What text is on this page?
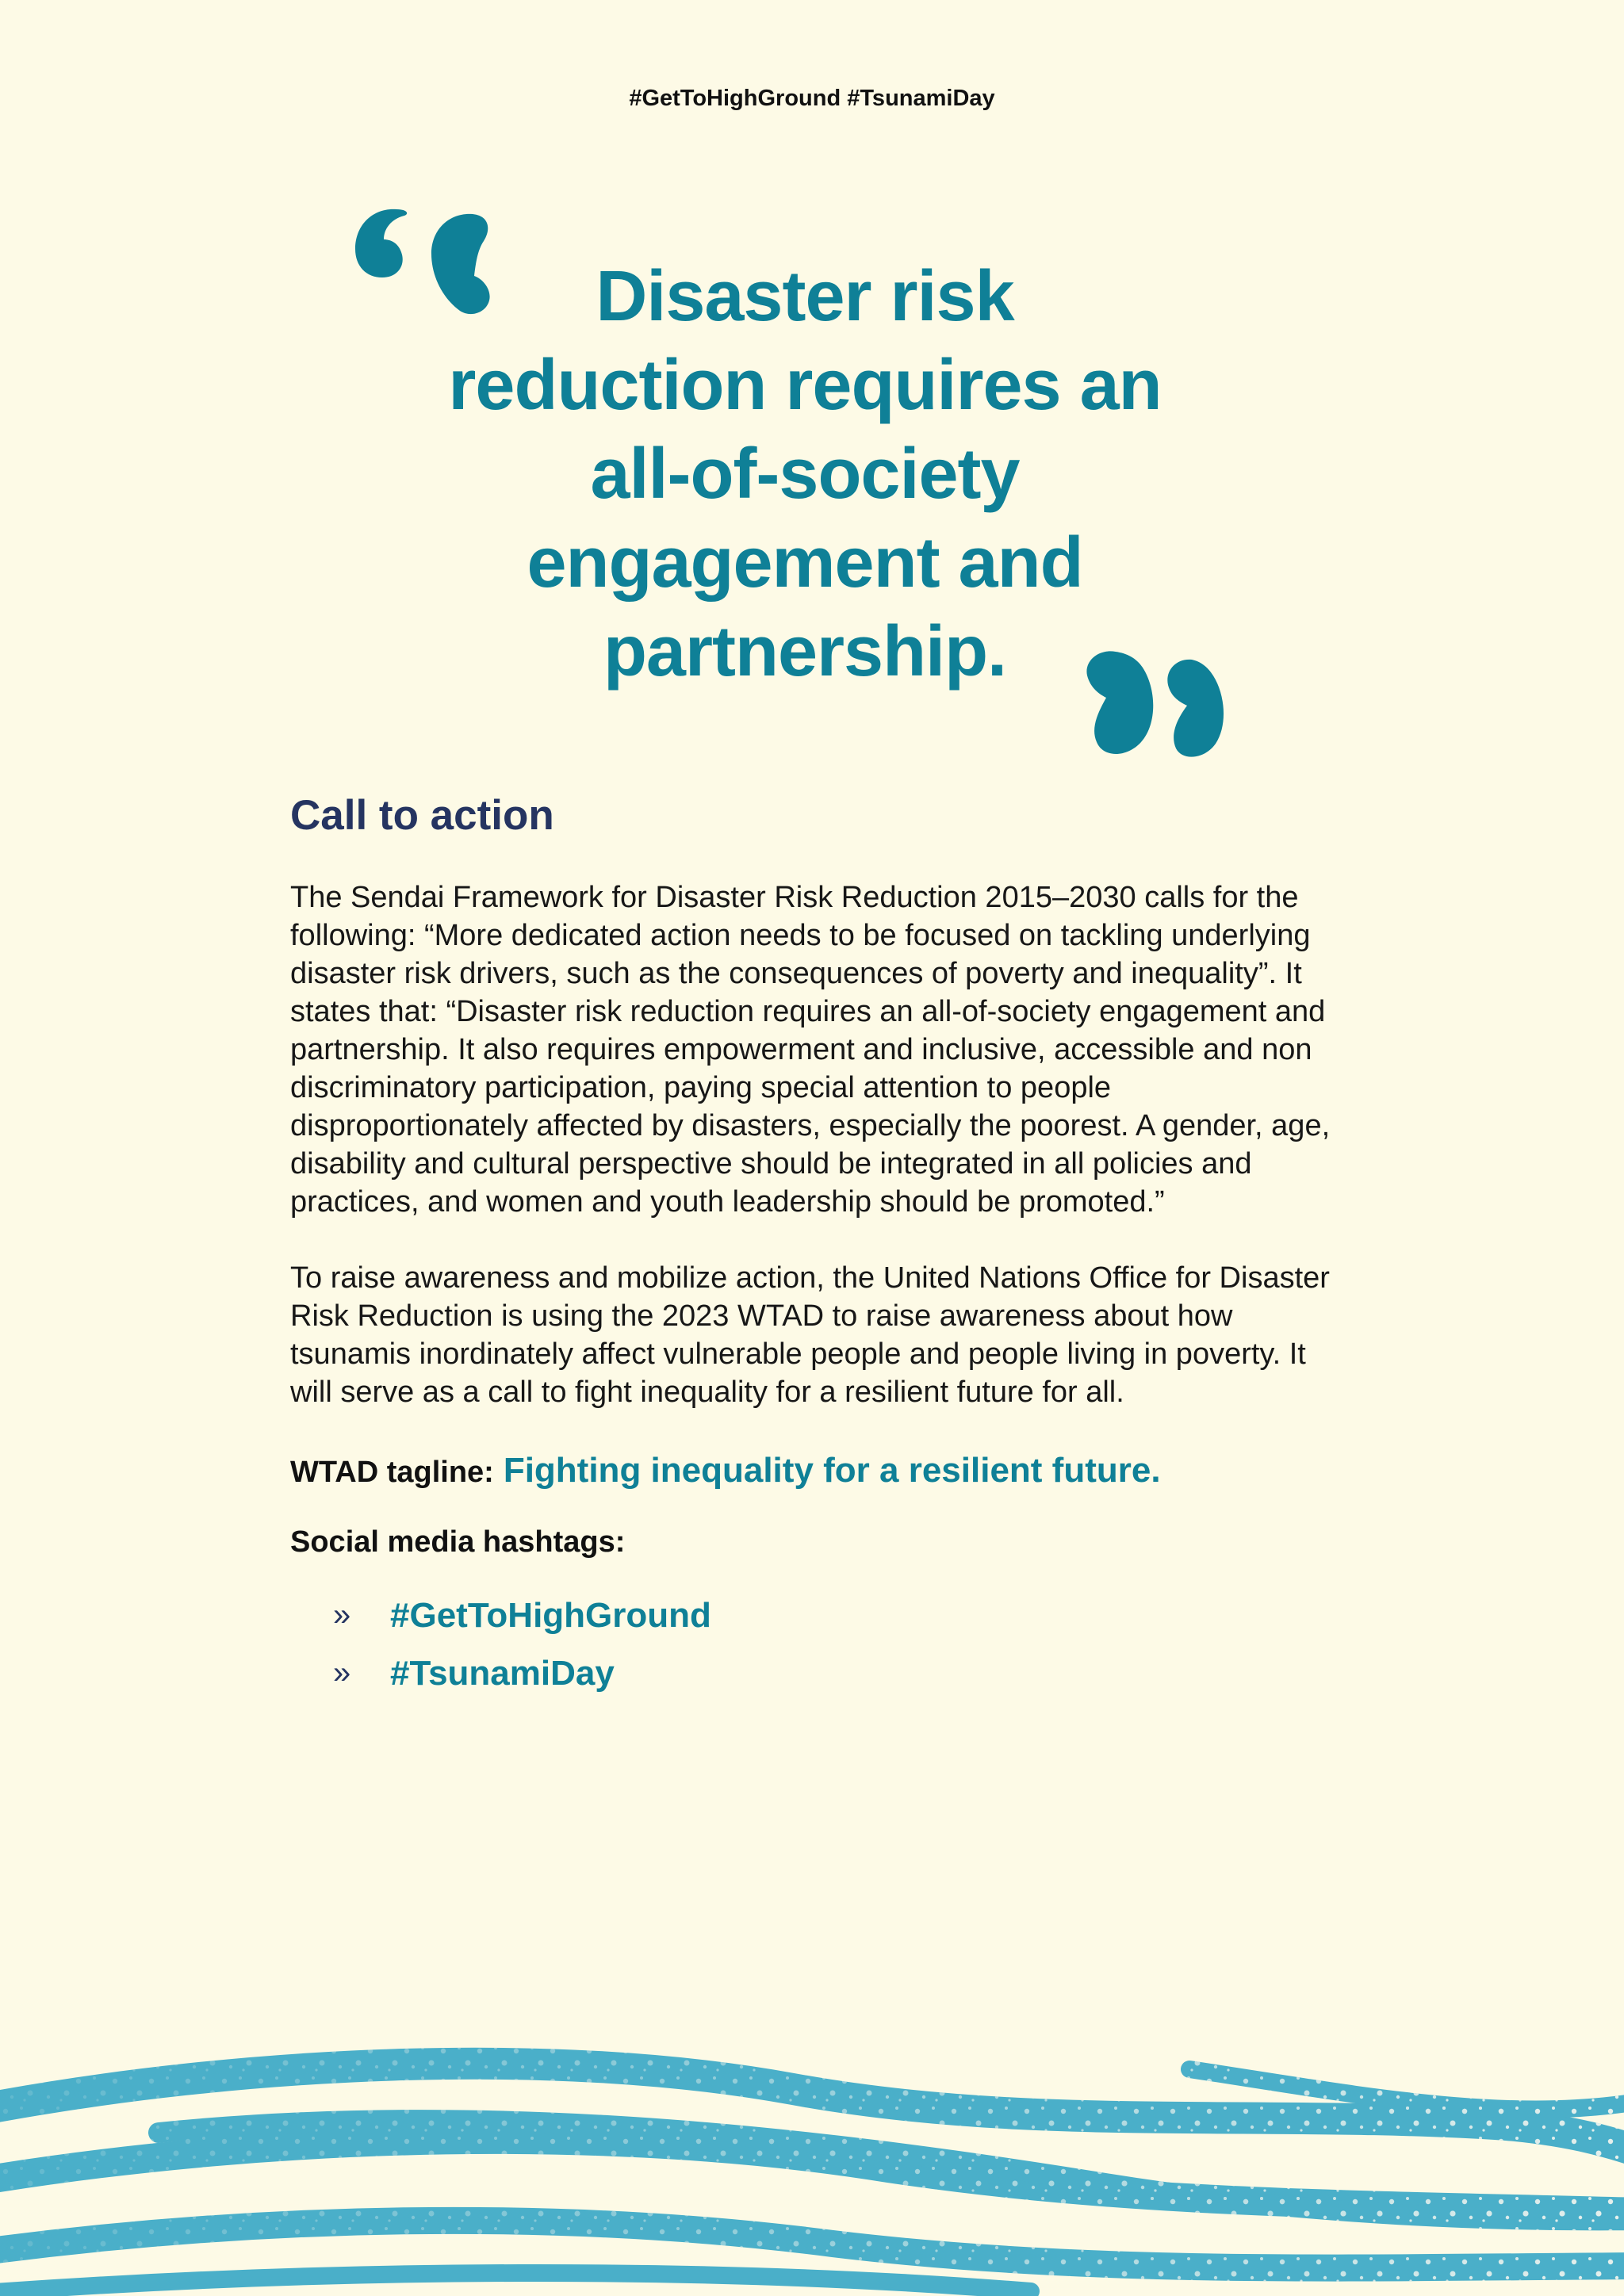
#GetToHighGround #TsunamiDay
Disaster risk reduction requires an all-of-society engagement and partnership.
Call to action

The Sendai Framework for Disaster Risk Reduction 2015–2030 calls for the following: “More dedicated action needs to be focused on tackling underlying disaster risk drivers, such as the consequences of poverty and inequality”. It states that: “Disaster risk reduction requires an all-of-society engagement and partnership. It also requires empowerment and inclusive, accessible and non discriminatory participation, paying special attention to people disproportionately affected by disasters, especially the poorest. A gender, age, disability and cultural perspective should be integrated in all policies and practices, and women and youth leadership should be promoted.”

To raise awareness and mobilize action, the United Nations Office for Disaster Risk Reduction is using the 2023 WTAD to raise awareness about how tsunamis inordinately affect vulnerable people and people living in poverty. It will serve as a call to fight inequality for a resilient future for all.

WTAD tagline: Fighting inequality for a resilient future.
Social media hashtags:
»	#GetToHighGround
»	#TsunamiDay
